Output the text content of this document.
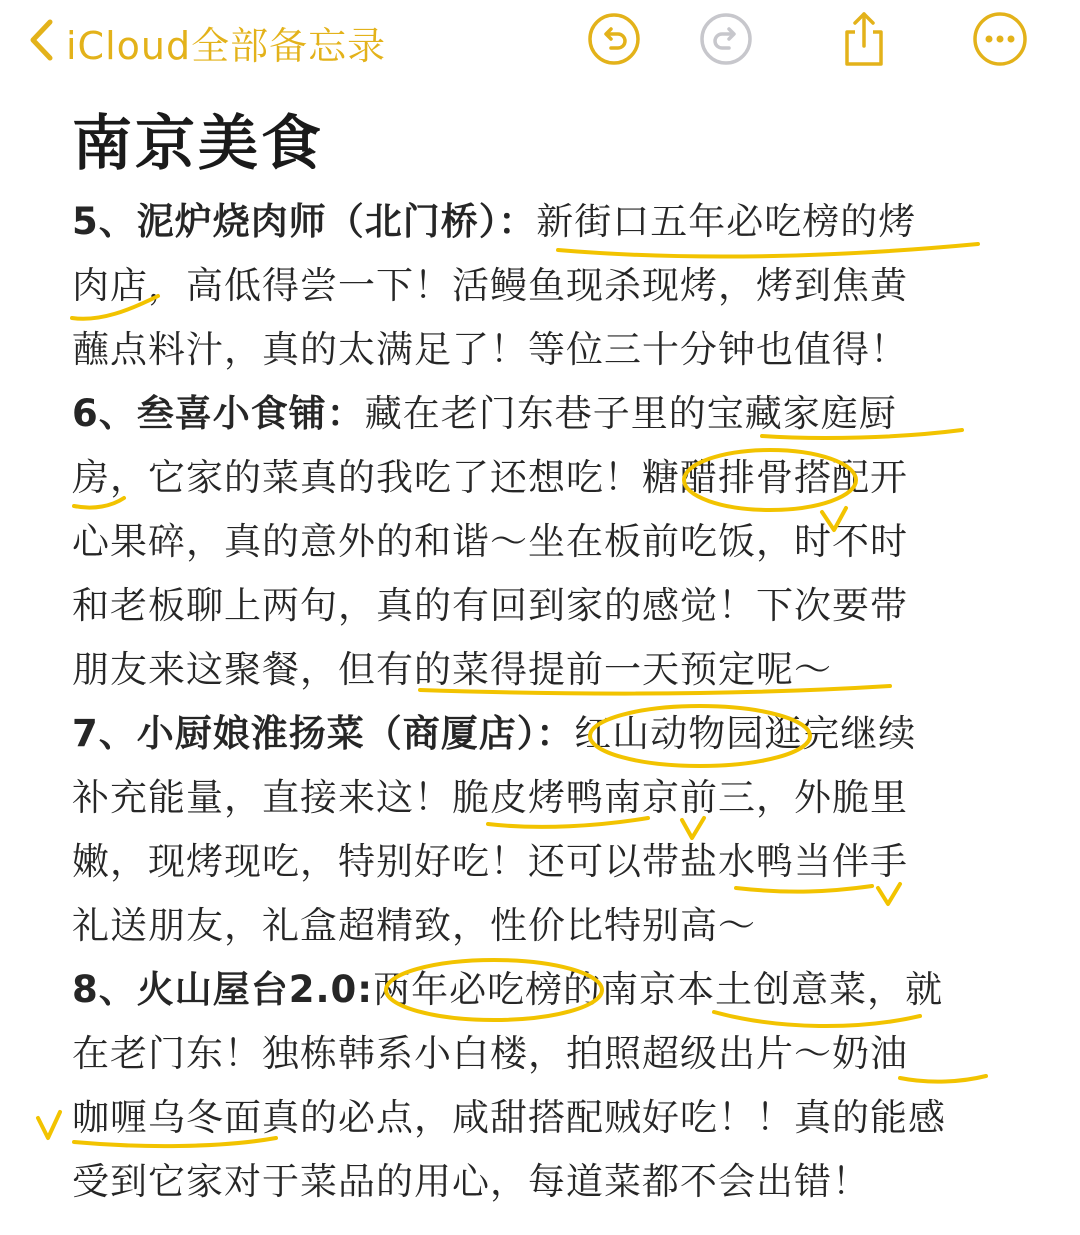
iCloud全部备忘录
南京美食
5、泥炉烧肉师（北门桥）：新街口五年必吃榜的烤
肉店，高低得尝一下！活鳗鱼现杀现烤，烤到焦黄
蘸点料汁，真的太满足了！等位三十分钟也值得！
6、叁喜小食铺：藏在老门东巷子里的宝藏家庭厨
房，它家的菜真的我吃了还想吃！糖醋排骨搭配开
心果碎，真的意外的和谐～坐在板前吃饭，时不时
和老板聊上两句，真的有回到家的感觉！下次要带
朋友来这聚餐，但有的菜得提前一天预定呢～
7、小厨娘淮扬菜（商厦店）：红山动物园逛完继续
补充能量，直接来这！脆皮烤鸭南京前三，外脆里
嫩，现烤现吃，特别好吃！还可以带盐水鸭当伴手
礼送朋友，礼盒超精致，性价比特别高～
8、火山屋台2.0:两年必吃榜的南京本土创意菜，就
在老门东！独栋韩系小白楼，拍照超级出片～奶油
咖喱乌冬面真的必点，咸甜搭配贼好吃！！真的能感
受到它家对于菜品的用心，每道菜都不会出错！
